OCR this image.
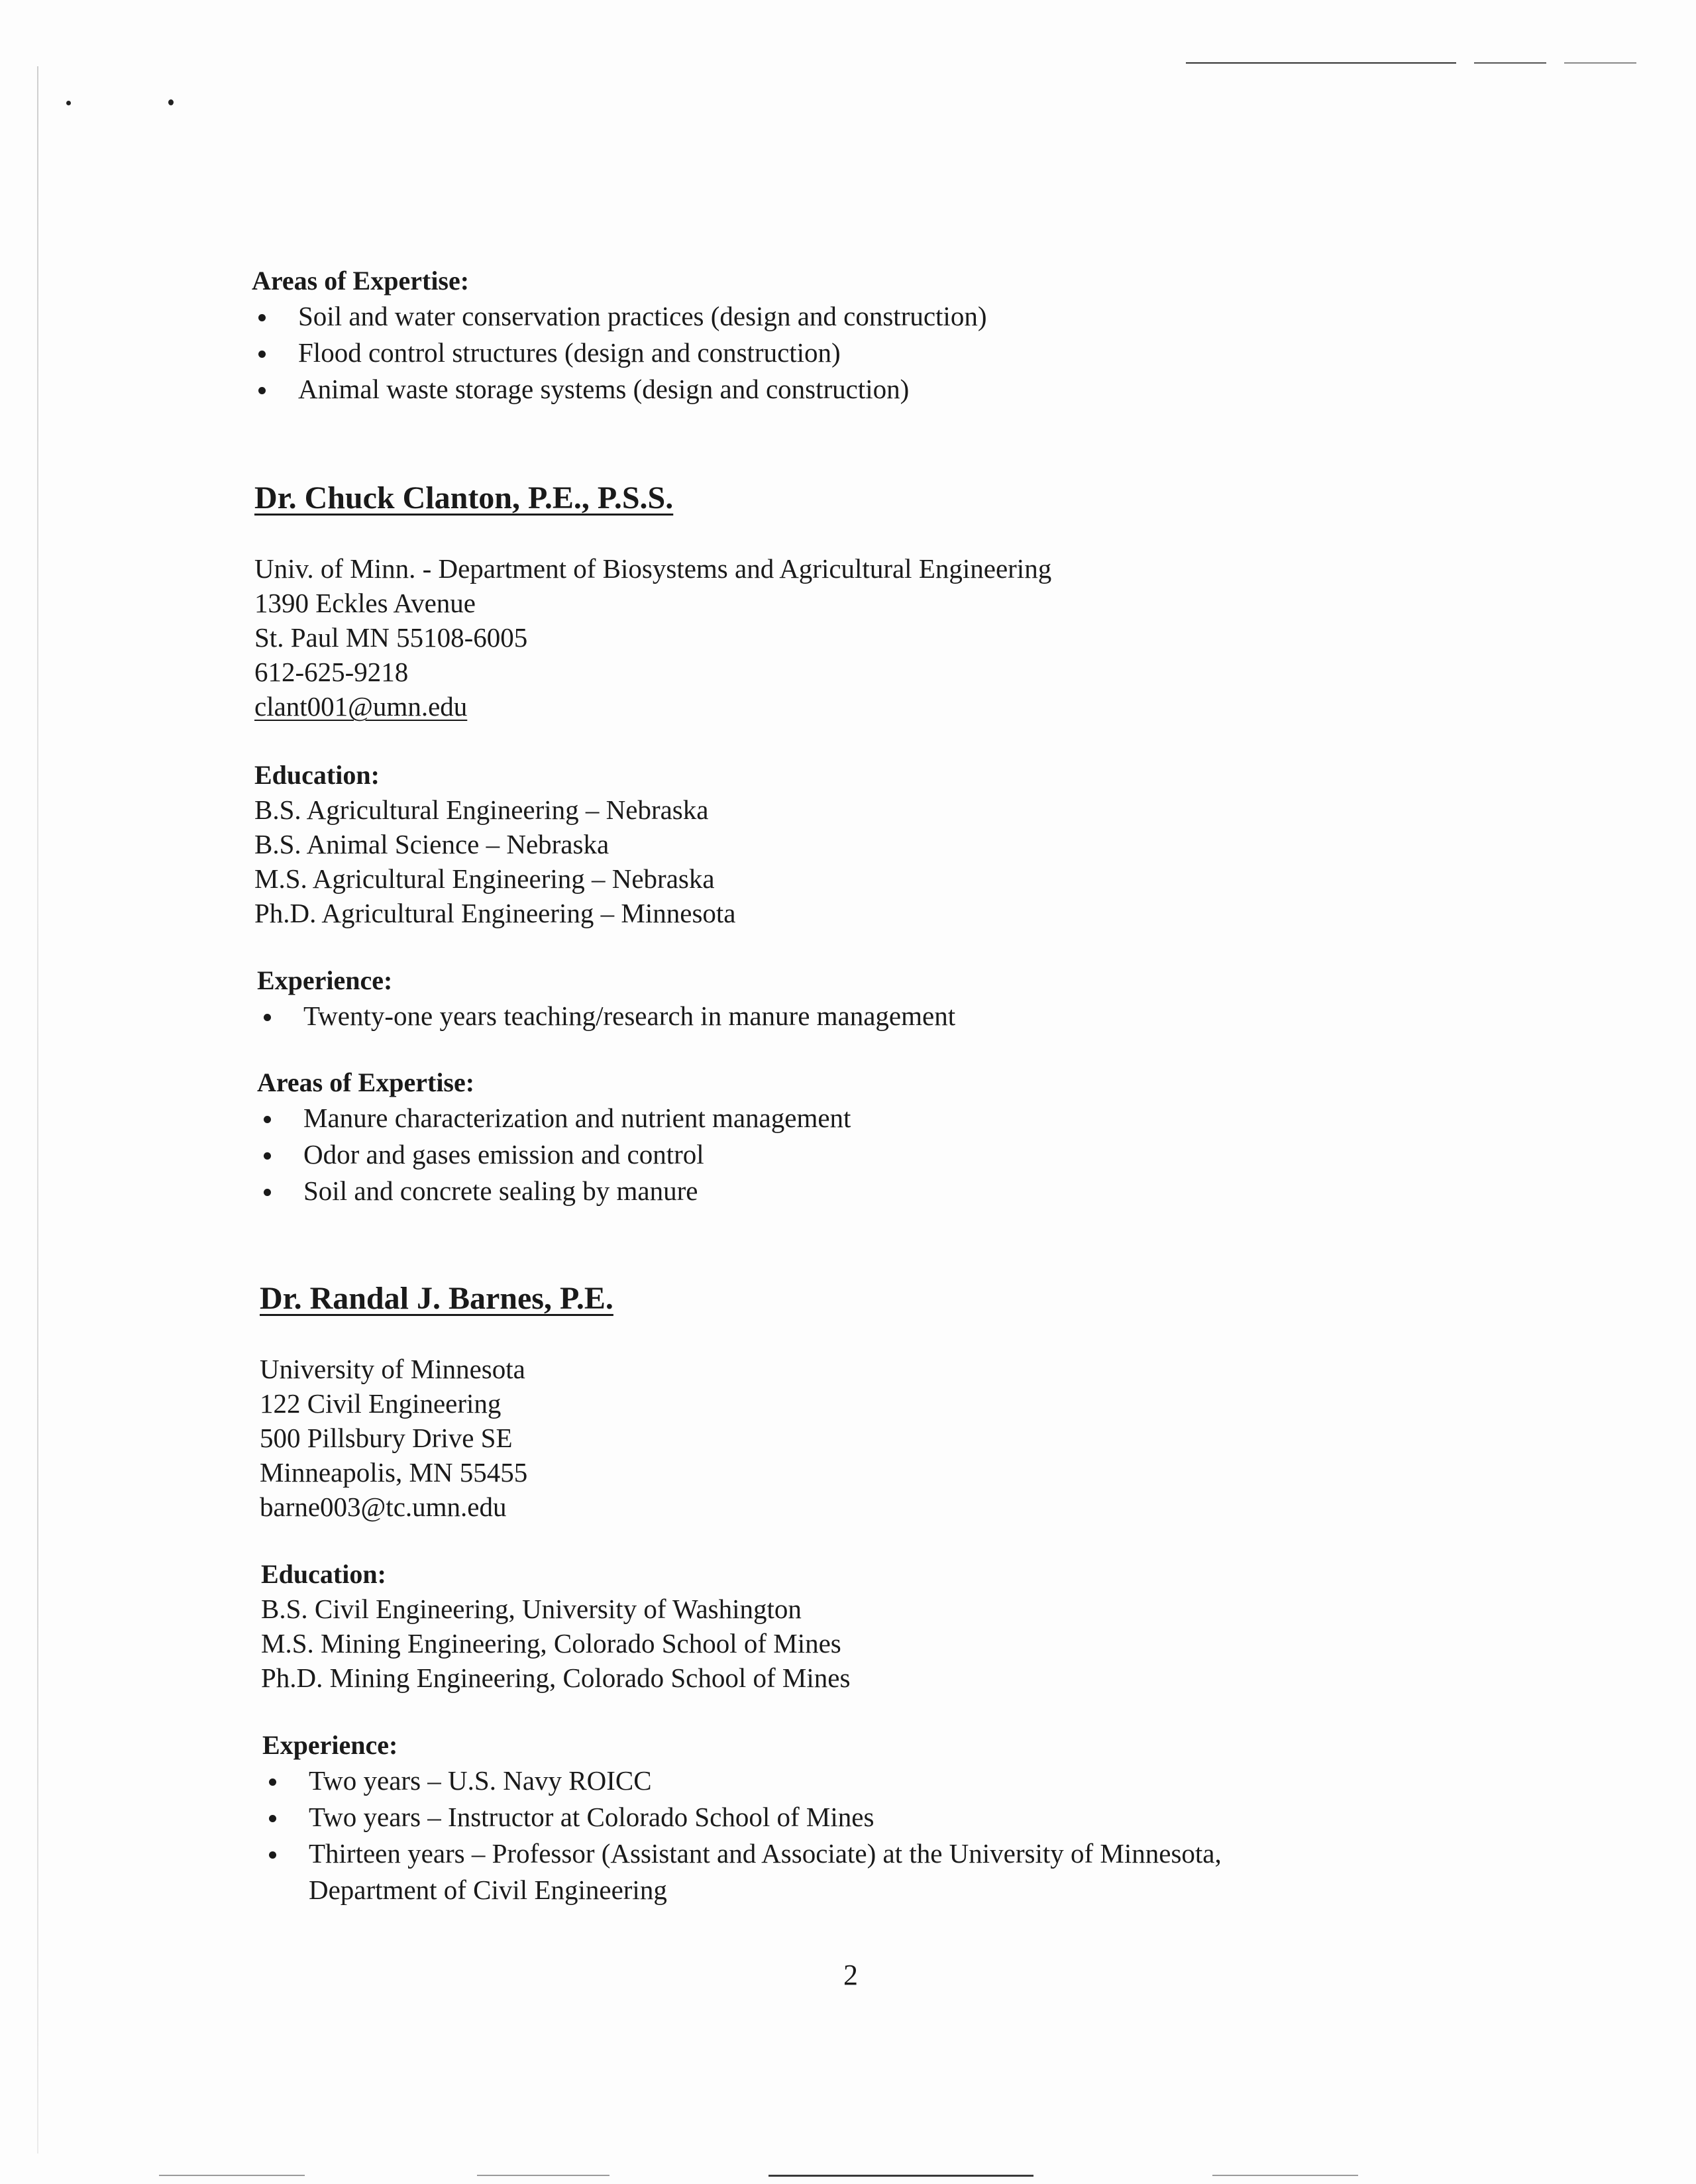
Areas of Expertise:

Soil and water conservation practices (design and construction)
Flood control structures (design and construction)
Animal waste storage systems (design and construction)

Dr. Chuck Clanton, P.E., P.S.S.

Univ. of Minn. - Department of Biosystems and Agricultural Engineering

1390 Eckles Avenue

St. Paul MN 55108-6005

612-625-9218

clant001@umn.edu

Education:

B.S. Agricultural Engineering – Nebraska

B.S. Animal Science – Nebraska

M.S. Agricultural Engineering – Nebraska

Ph.D. Agricultural Engineering – Minnesota

Experience:

Twenty-one years teaching/research in manure management

Areas of Expertise:

Manure characterization and nutrient management
Odor and gases emission and control
Soil and concrete sealing by manure

Dr. Randal J. Barnes, P.E.

University of Minnesota

122 Civil Engineering

500 Pillsbury Drive SE

Minneapolis, MN 55455

barne003@tc.umn.edu

Education:

B.S. Civil Engineering, University of Washington

M.S. Mining Engineering, Colorado School of Mines

Ph.D. Mining Engineering, Colorado School of Mines

Experience:

Two years – U.S. Navy ROICC
Two years – Instructor at Colorado School of Mines
Thirteen years – Professor (Assistant and Associate) at the University of Minnesota,
Department of Civil Engineering
2
